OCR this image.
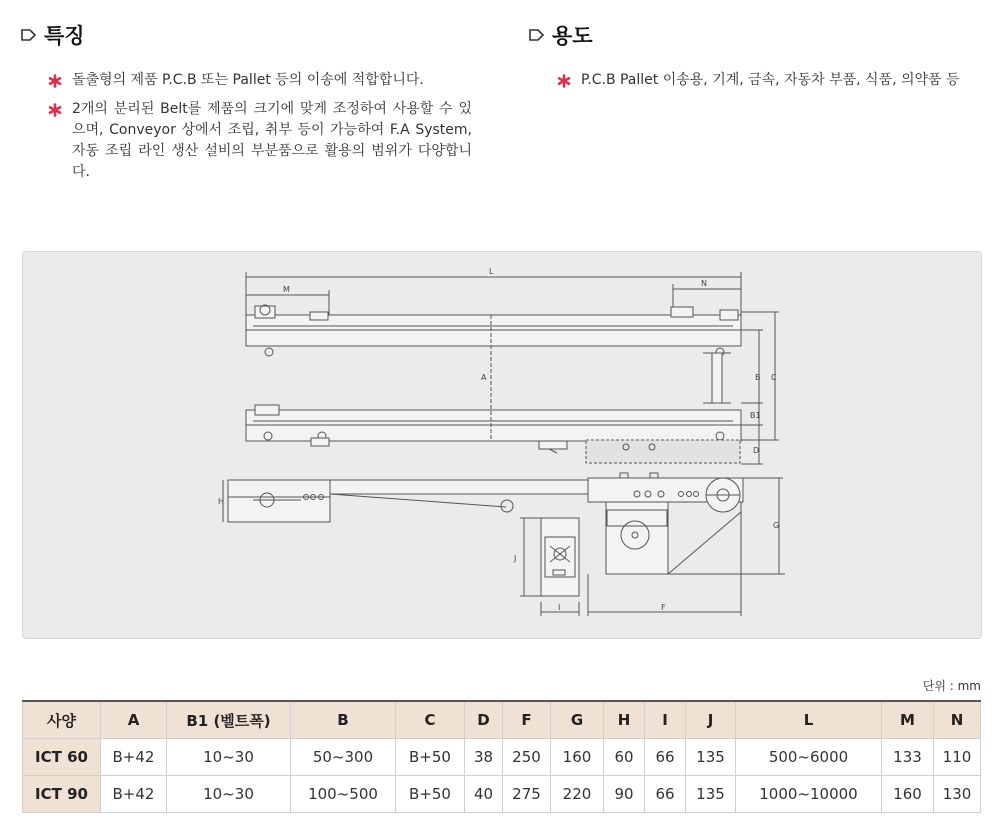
특징
돌출형의 제품 P.C.B 또는 Pallet 등의 이송에 적합합니다.
2개의 분리된 Belt를 제품의 크기에 맞게 조정하여 사용할 수 있으며, Conveyor 상에서 조립, 취부 등이 가능하여 F.A System, 자동 조립 라인 생산 설비의 부분품으로 활용의 범위가 다양합니다.
용도
P.C.B Pallet 이송용, 기계, 금속, 자동차 부품, 식품, 의약품 등
L
M
N
A	B C
B1
D
H
J
I	F
G
단위 : mm
사양	A	B1 (벨트폭)	B	C	D	F	G	H	I	J	L	M	N
ICT 60	B+42	10~30	50~300	B+50	38	250	160	60	66	135	500~6000	133	110
ICT 90	B+42	10~30	100~500	B+50	40	275	220	90	66	135	1000~10000	160	130
